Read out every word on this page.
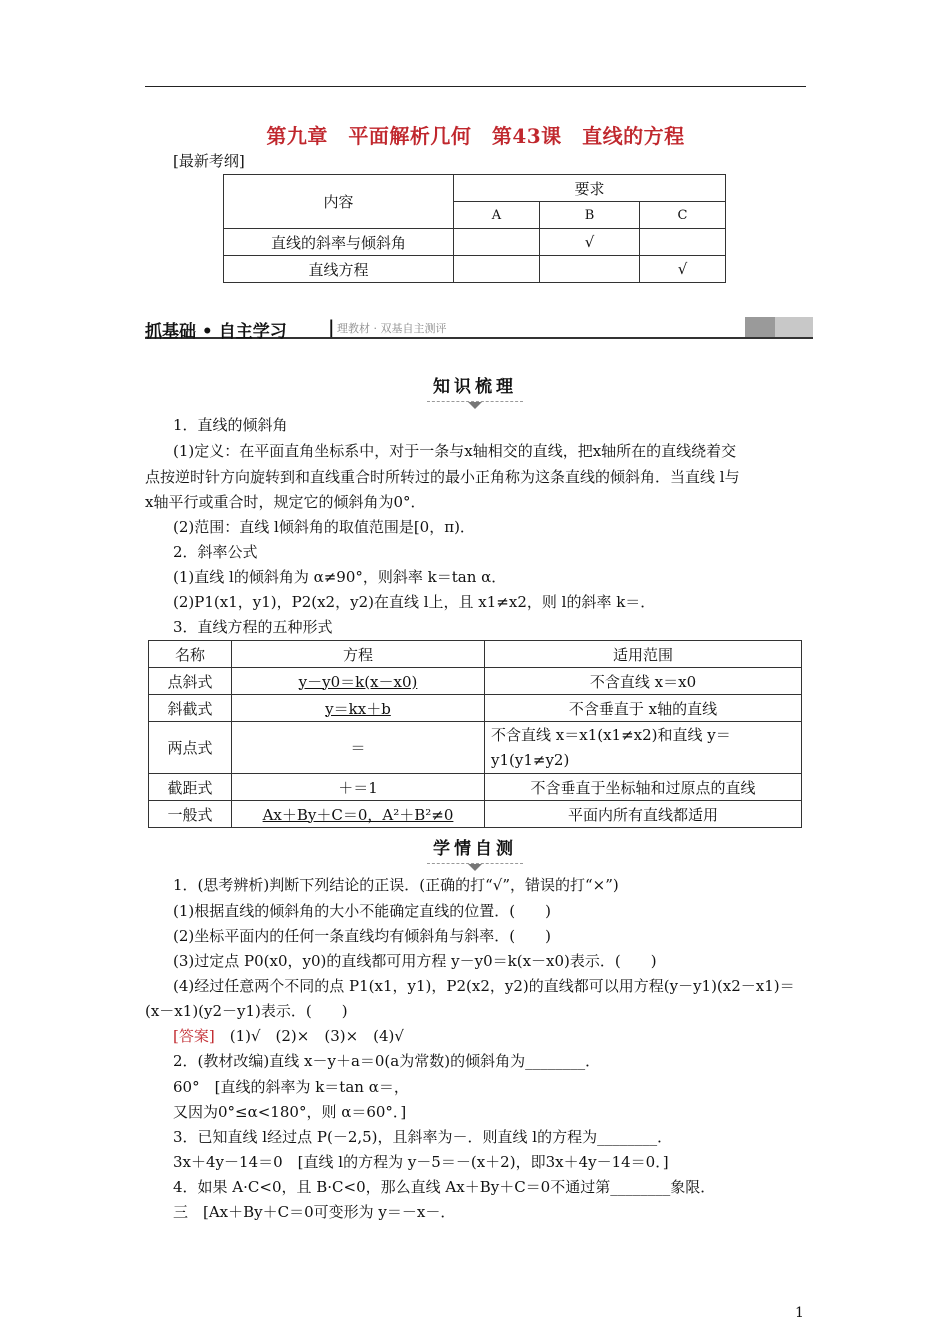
第九章　平面解析几何　第43课　直线的方程
[最新考纲]
内容	要求		
	A	B	C
直线的斜率与倾斜角		√	
直线方程			√
抓基础 • 自主学习 | 理教材 · 双基自主测评
知识梳理
1．直线的倾斜角
(1)定义：在平面直角坐标系中，对于一条与x轴相交的直线，把x轴所在的直线绕着交
点按逆时针方向旋转到和直线重合时所转过的最小正角称为这条直线的倾斜角．当直线 l与
x轴平行或重合时，规定它的倾斜角为0°．
(2)范围：直线 l倾斜角的取值范围是[0，π)．
2．斜率公式
(1)直线 l的倾斜角为 α≠90°，则斜率 k＝tan α．
(2)P1(x1，y1)，P2(x2，y2)在直线 l上，且 x1≠x2，则 l的斜率 k＝．
3．直线方程的五种形式
名称	方程	适用范围
点斜式	y－y0＝k(x－x0)	不含直线 x＝x0
斜截式	y＝kx＋b	不含垂直于 x轴的直线
两点式	＝	不含直线 x＝x1(x1≠x2)和直线 y＝y1(y1≠y2)
截距式	＋＝1	不含垂直于坐标轴和过原点的直线
一般式	Ax＋By＋C＝0，A²＋B²≠0	平面内所有直线都适用
学情自测
1．(思考辨析)判断下列结论的正误．(正确的打“√”，错误的打“×”)
(1)根据直线的倾斜角的大小不能确定直线的位置．(　　)
(2)坐标平面内的任何一条直线均有倾斜角与斜率．(　　)
(3)过定点 P0(x0，y0)的直线都可用方程 y－y0＝k(x－x0)表示．(　　)
(4)经过任意两个不同的点 P1(x1，y1)，P2(x2，y2)的直线都可以用方程(y－y1)(x2－x1)＝
(x－x1)(y2－y1)表示．(　　)
[答案]　(1)√　(2)×　(3)×　(4)√
2．(教材改编)直线 x－y＋a＝0(a为常数)的倾斜角为________．
60°　[直线的斜率为 k＝tan α＝，
又因为0°≤α<180°，则 α＝60°．]
3．已知直线 l经过点 P(－2,5)，且斜率为－．则直线 l的方程为________．
3x＋4y－14＝0　[直线 l的方程为 y－5＝－(x＋2)，即3x＋4y－14＝0．]
4．如果 A·C<0，且 B·C<0，那么直线 Ax＋By＋C＝0不通过第________象限．
三　[Ax＋By＋C＝0可变形为 y＝－x－．
1
